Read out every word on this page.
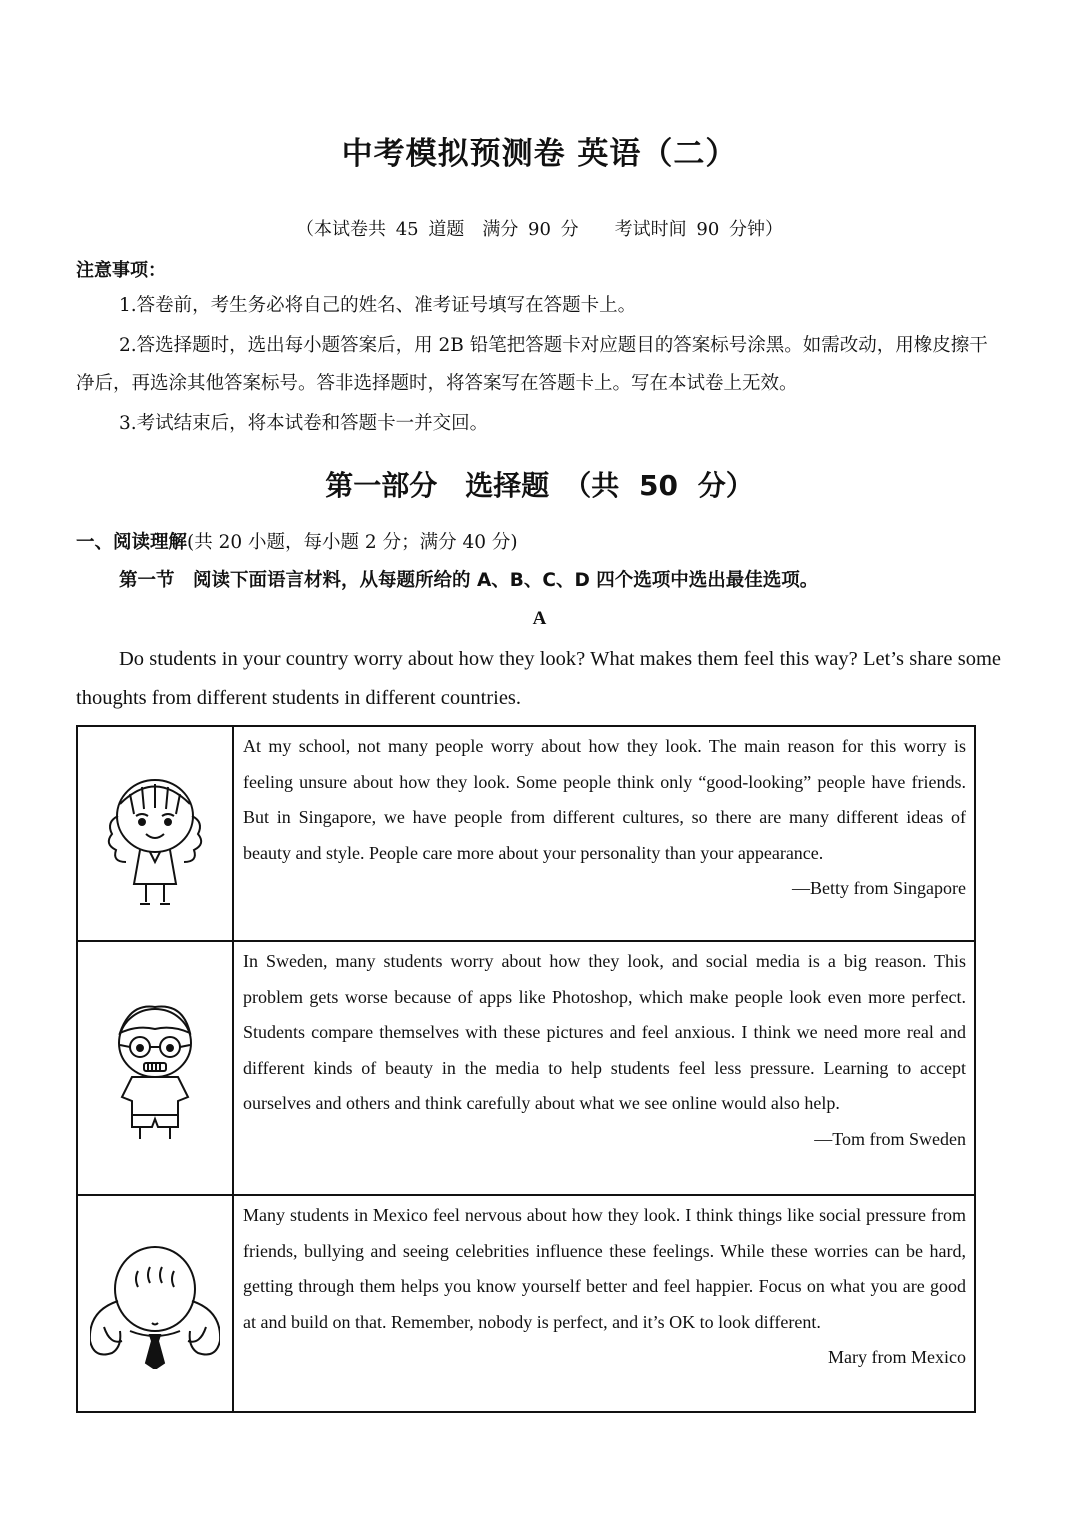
中考模拟预测卷 英语（二）
（本试卷共 45 道题　满分 90 分　　考试时间 90 分钟）
注意事项：
1.答卷前，考生务必将自己的姓名、准考证号填写在答题卡上。
2.答选择题时，选出每小题答案后，用 2B 铅笔把答题卡对应题目的答案标号涂黑。如需改动，用橡皮擦干净后，再选涂其他答案标号。答非选择题时，将答案写在答题卡上。写在本试卷上无效。
3.考试结束后，将本试卷和答题卡一并交回。
第一部分　选择题　（共 50 分）
一、阅读理解(共 20 小题，每小题 2 分；满分 40 分)
第一节　阅读下面语言材料，从每题所给的 A、B、C、D 四个选项中选出最佳选项。
A
Do students in your country worry about how they look? What makes them feel this way? Let’s share some thoughts from different students in different countries.

At my school, not many people worry about how they look. The main reason for this worry is feeling unsure about how they look. Some people think only “good-looking” people have friends. But in Singapore, we have people from different cultures, so there are many different ideas of beauty and style. People care more about your personality than your appearance.

—Betty from Singapore

In Sweden, many students worry about how they look, and social media is a big reason. This problem gets worse because of apps like Photoshop, which make people look even more perfect. Students compare themselves with these pictures and feel anxious. I think we need more real and different kinds of beauty in the media to help students feel less pressure. Learning to accept ourselves and others and think carefully about what we see online would also help.

—Tom from Sweden

Many students in Mexico feel nervous about how they look. I think things like social pressure from friends, bullying and seeing celebrities influence these feelings. While these worries can be hard, getting through them helps you know yourself better and feel happier. Focus on what you are good at and build on that. Remember, nobody is perfect, and it’s OK to look different.

Mary from Mexico
